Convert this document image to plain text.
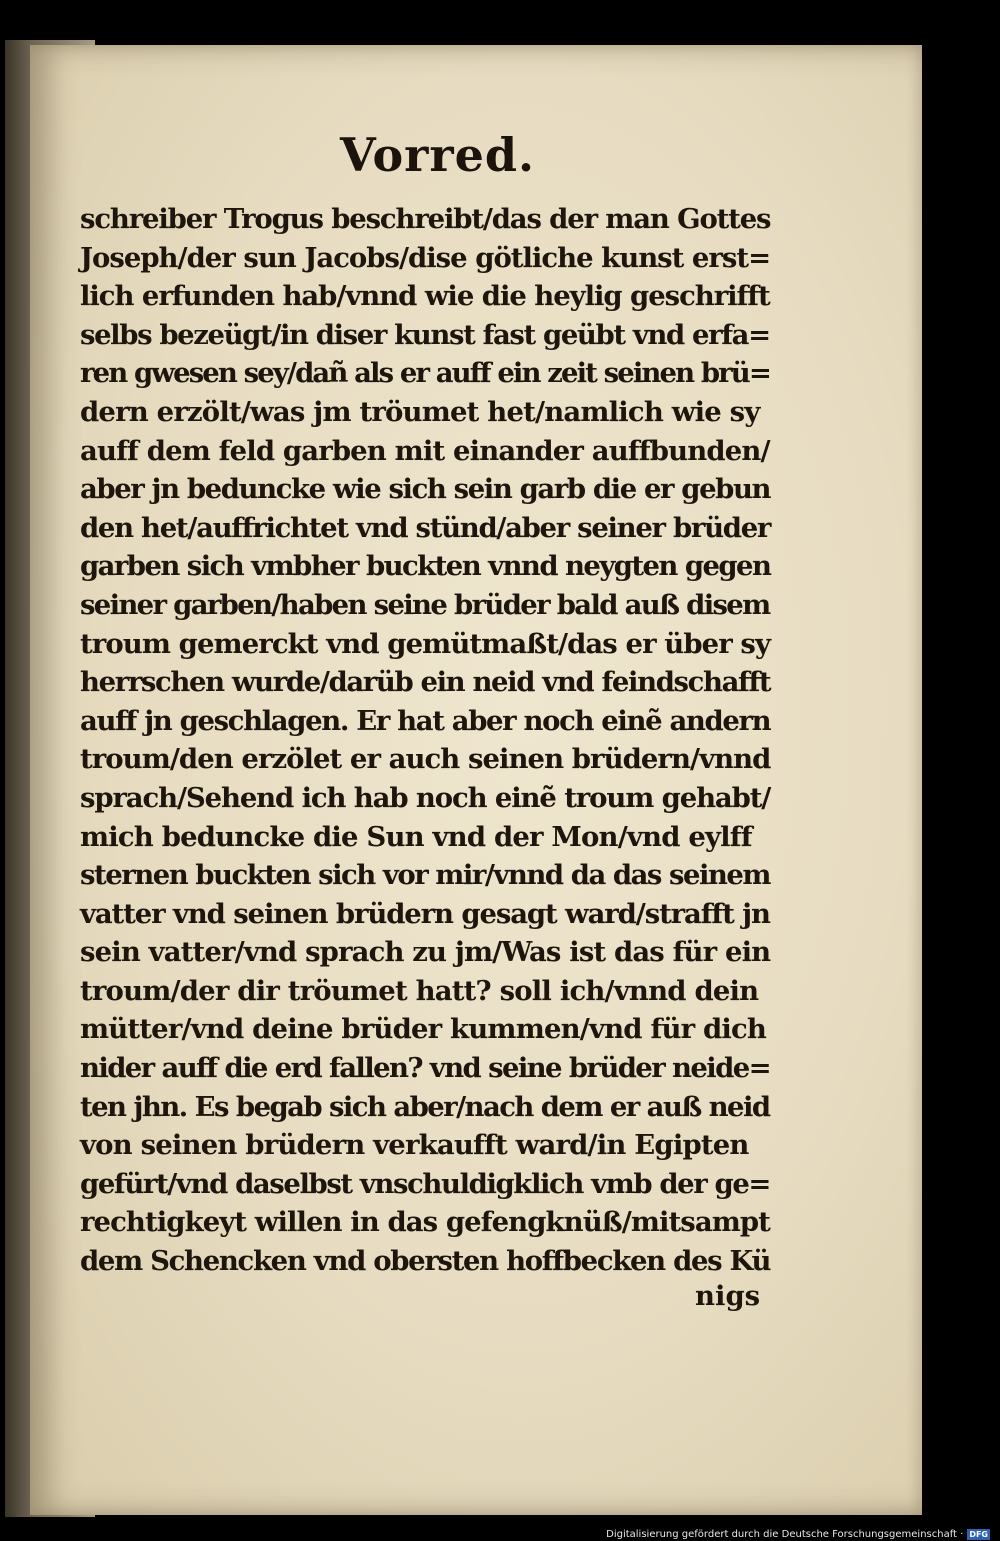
Vorred.
schreiber Trogus beschreibt/das der man Gottes
Joseph/der sun Jacobs/dise götliche kunst erst=
lich erfunden hab/vnnd wie die heylig geschrifft
selbs bezeügt/in diser kunst fast geübt vnd erfa=
ren gwesen sey/dañ als er auff ein zeit seinen brü=
dern erzölt/was jm tröumet het/namlich wie sy
auff dem feld garben mit einander auffbunden/
aber jn beduncke wie sich sein garb die er gebun
den het/auffrichtet vnd stünd/aber seiner brüder
garben sich vmbher buckten vnnd neygten gegen
seiner garben/haben seine brüder bald auß disem
troum gemerckt vnd gemütmaßt/das er über sy
herrschen wurde/darüb ein neid vnd feindschafft
auff jn geschlagen. Er hat aber noch einẽ andern
troum/den erzölet er auch seinen brüdern/vnnd
sprach/Sehend ich hab noch einẽ troum gehabt/
mich beduncke die Sun vnd der Mon/vnd eylff
sternen buckten sich vor mir/vnnd da das seinem
vatter vnd seinen brüdern gesagt ward/strafft jn
sein vatter/vnd sprach zu jm/Was ist das für ein
troum/der dir tröumet hatt? soll ich/vnnd dein
mütter/vnd deine brüder kummen/vnd für dich
nider auff die erd fallen? vnd seine brüder neide=
ten jhn. Es begab sich aber/nach dem er auß neid
von seinen brüdern verkaufft ward/in Egipten
gefürt/vnd daselbst vnschuldigklich vmb der ge=
rechtigkeyt willen in das gefengknüß/mitsampt
dem Schencken vnd obersten hoffbecken des Kü
nigs
Digitalisierung gefördert durch die Deutsche Forschungsgemeinschaft · DFG
